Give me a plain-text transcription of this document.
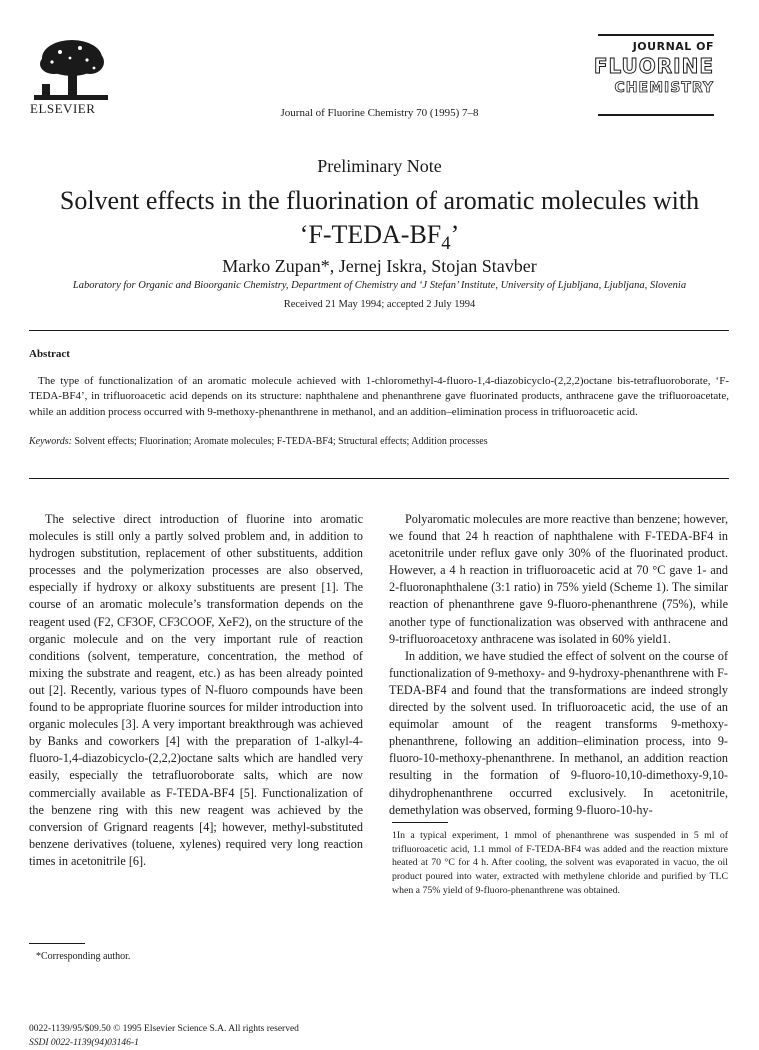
ELSEVIER	Journal of Fluorine Chemistry 70 (1995) 7–8
JOURNAL OF
FLUORINE
CHEMISTRY
Preliminary Note
Solvent effects in the fluorination of aromatic molecules with
‘$F-TEDA-BF_4$’
Marko Zupan*, Jernej Iskra, Stojan Stavber
Laboratory for Organic and Bioorganic Chemistry, Department of Chemistry and ‘J Stefan’ Institute, University of Ljubljana, Ljubljana, Slovenia
Received 21 May 1994; accepted 2 July 1994
Abstract
The type of functionalization of an aromatic molecule achieved with 1-chloromethyl-4-fluoro-1,4-diazobicyclo-(2,2,2)octane bis-tetrafluoroborate, ‘F-TEDA-BF4’, in trifluoroacetic acid depends on its structure: naphthalene and phenanthrene gave fluorinated products, anthracene gave the trifluoroacetate, while an addition process occurred with 9-methoxy-phenanthrene in methanol, and an addition–elimination process in trifluoroacetic acid.
Keywords: Solvent effects; Fluorination; Aromate molecules; F-TEDA-BF4; Structural effects; Addition processes

The selective direct introduction of fluorine into aromatic molecules is still only a partly solved problem and, in addition to hydrogen substitution, replacement of other substituents, addition processes and the polymerization processes are also observed, especially if hydroxy or alkoxy substituents are present [1]. The course of an aromatic molecule’s transformation depends on the reagent used (F2, CF3OF, CF3COOF, XeF2), on the structure of the organic molecule and on the very important rule of reaction conditions (solvent, temperature, concentration, the method of mixing the substrate and reagent, etc.) as has been already pointed out [2]. Recently, various types of N-fluoro compounds have been found to be appropriate fluorine sources for milder introduction into organic molecules [3]. A very important breakthrough was achieved by Banks and coworkers [4] with the preparation of 1-alkyl-4-fluoro-1,4-diazobicyclo-(2,2,2)octane salts which are handled very easily, especially the tetrafluoroborate salts, which are now commercially available as F-TEDA-BF4 [5]. Functionalization of the benzene ring with this new reagent was achieved by the conversion of Grignard reagents [4]; however, methyl-substituted benzene derivatives (toluene, xylenes) required very long reaction times in acetonitrile [6].

Polyaromatic molecules are more reactive than benzene; however, we found that 24 h reaction of naphthalene with F-TEDA-BF4 in acetonitrile under reflux gave only 30% of the fluorinated product. However, a 4 h reaction in trifluoroacetic acid at 70 °C gave 1- and 2-fluoronaphthalene (3:1 ratio) in 75% yield (Scheme 1). The similar reaction of phenanthrene gave 9-fluoro-phenanthrene (75%), while another type of functionalization was observed with anthracene and 9-trifluoroacetoxy anthracene was isolated in 60% yield1.

In addition, we have studied the effect of solvent on the course of functionalization of 9-methoxy- and 9-hydroxy-phenanthrene with F-TEDA-BF4 and found that the transformations are indeed strongly directed by the solvent used. In trifluoroacetic acid, the use of an equimolar amount of the reagent transforms 9-methoxy-phenanthrene, following an addition–elimination process, into 9-fluoro-10-methoxy-phenanthrene. In methanol, an addition reaction resulting in the formation of 9-fluoro-10,10-dimethoxy-9,10-dihydrophenanthrene occurred exclusively. In acetonitrile, demethylation was observed, forming 9-fluoro-10-hy-

1In a typical experiment, 1 mmol of phenanthrene was suspended in 5 ml of trifluoroacetic acid, 1.1 mmol of F-TEDA-BF4 was added and the reaction mixture heated at 70 °C for 4 h. After cooling, the solvent was evaporated in vacuo, the oil product poured into water, extracted with methylene chloride and purified by TLC when a 75% yield of 9-fluoro-phenanthrene was obtained.
*Corresponding author.
0022-1139/95/$09.50 © 1995 Elsevier Science S.A. All rights reserved
SSDI 0022-1139(94)03146-1
